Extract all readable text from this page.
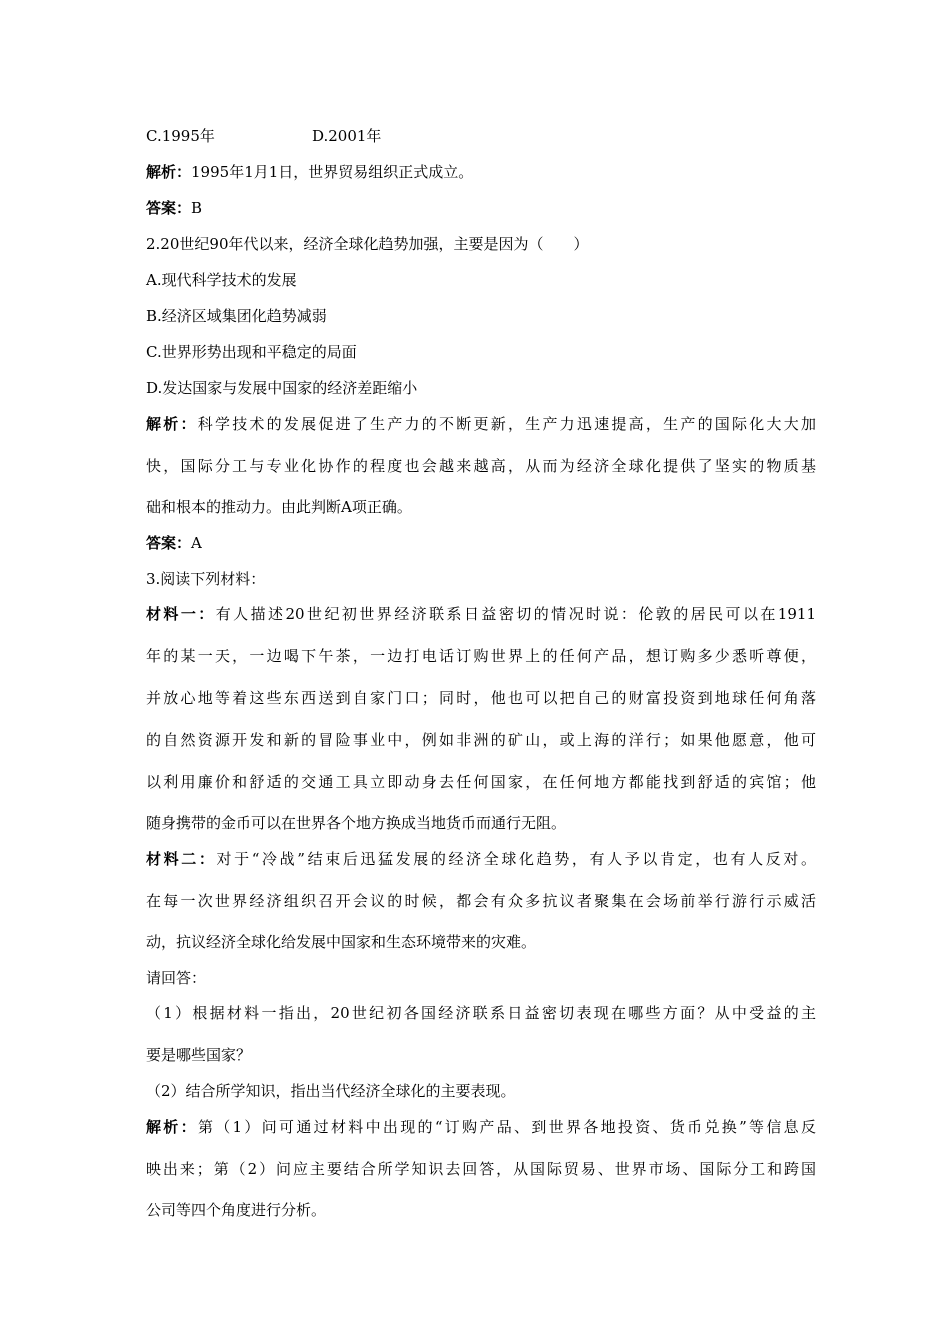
C.1995年	D.2001年
解析：1995年1月1日，世界贸易组织正式成立。
答案：B
2.20世纪90年代以来，经济全球化趋势加强，主要是因为（　　）
A.现代科学技术的发展
B.经济区域集团化趋势减弱
C.世界形势出现和平稳定的局面
D.发达国家与发展中国家的经济差距缩小
解析：科学技术的发展促进了生产力的不断更新，生产力迅速提高，生产的国际化大大加
快，国际分工与专业化协作的程度也会越来越高，从而为经济全球化提供了坚实的物质基
础和根本的推动力。由此判断A项正确。
答案：A
3.阅读下列材料：
材料一：有人描述20世纪初世界经济联系日益密切的情况时说：伦敦的居民可以在1911
年的某一天，一边喝下午茶，一边打电话订购世界上的任何产品，想订购多少悉听尊便，
并放心地等着这些东西送到自家门口；同时，他也可以把自己的财富投资到地球任何角落
的自然资源开发和新的冒险事业中，例如非洲的矿山，或上海的洋行；如果他愿意，他可
以利用廉价和舒适的交通工具立即动身去任何国家，在任何地方都能找到舒适的宾馆；他
随身携带的金币可以在世界各个地方换成当地货币而通行无阻。
材料二：对于“冷战”结束后迅猛发展的经济全球化趋势，有人予以肯定，也有人反对。
在每一次世界经济组织召开会议的时候，都会有众多抗议者聚集在会场前举行游行示威活
动，抗议经济全球化给发展中国家和生态环境带来的灾难。
请回答：
（1）根据材料一指出，20世纪初各国经济联系日益密切表现在哪些方面？从中受益的主
要是哪些国家？
（2）结合所学知识，指出当代经济全球化的主要表现。
解析：第（1）问可通过材料中出现的“订购产品、到世界各地投资、货币兑换”等信息反
映出来；第（2）问应主要结合所学知识去回答，从国际贸易、世界市场、国际分工和跨国
公司等四个角度进行分析。
